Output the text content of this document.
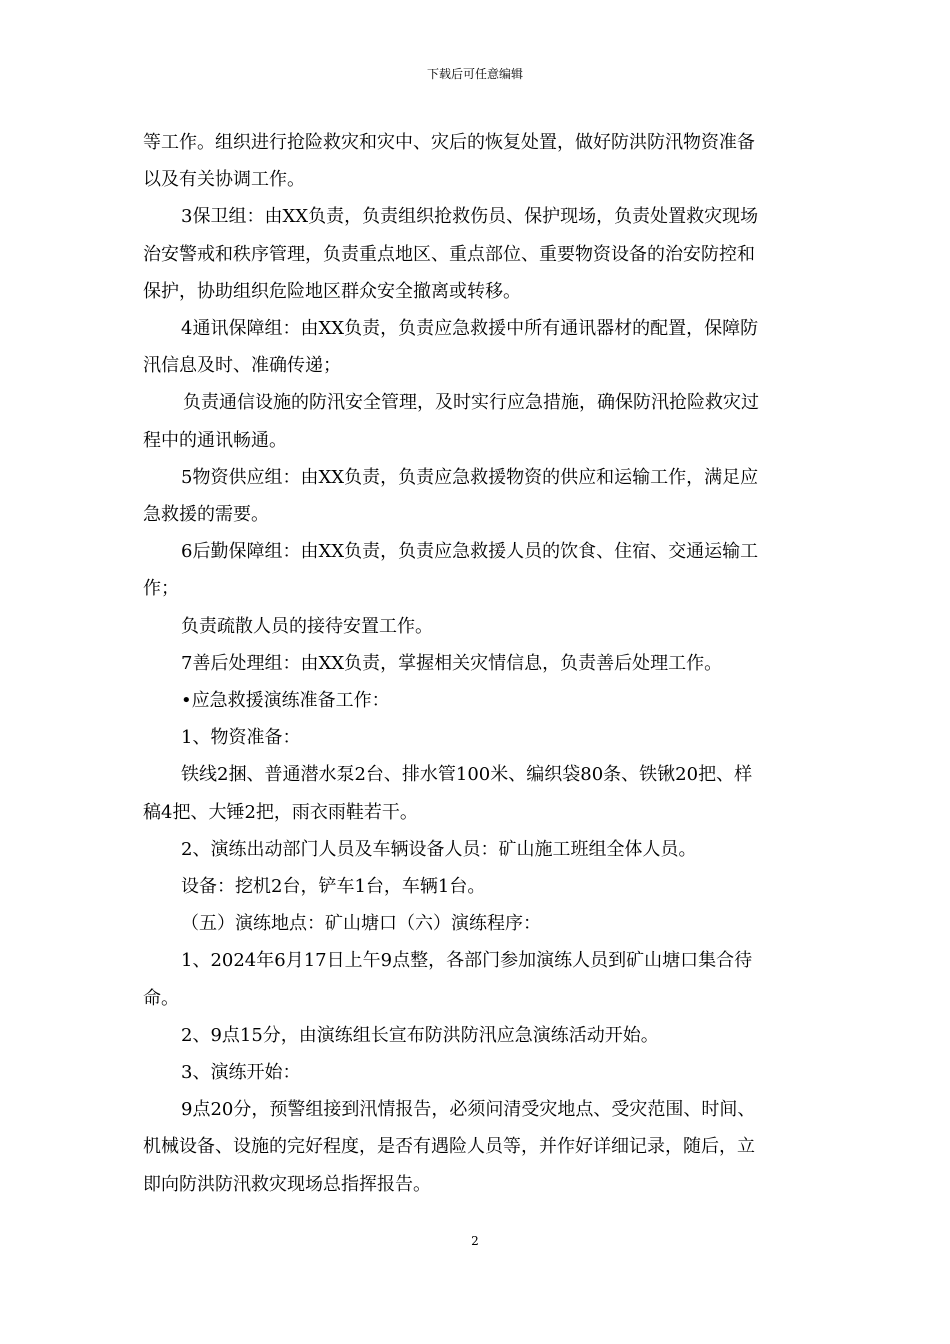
下载后可任意编辑

等工作。组织进行抢险救灾和灾中、灾后的恢复处置，做好防洪防汛物资准备

以及有关协调工作。

3保卫组：由XX负责，负责组织抢救伤员、保护现场，负责处置救灾现场

治安警戒和秩序管理，负责重点地区、重点部位、重要物资设备的治安防控和

保护，协助组织危险地区群众安全撤离或转移。

4通讯保障组：由XX负责，负责应急救援中所有通讯器材的配置，保障防

汛信息及时、准确传递；

负责通信设施的防汛安全管理，及时实行应急措施，确保防汛抢险救灾过

程中的通讯畅通。

5物资供应组：由XX负责，负责应急救援物资的供应和运输工作，满足应

急救援的需要。

6后勤保障组：由XX负责，负责应急救援人员的饮食、住宿、交通运输工

作；

负责疏散人员的接待安置工作。

7善后处理组：由XX负责，掌握相关灾情信息，负责善后处理工作。

•应急救援演练准备工作：

1、物资准备：

铁线2捆、普通潜水泵2台、排水管100米、编织袋80条、铁锹20把、样

稿4把、大锤2把，雨衣雨鞋若干。

2、演练出动部门人员及车辆设备人员：矿山施工班组全体人员。

设备：挖机2台，铲车1台，车辆1台。

（五）演练地点：矿山塘口（六）演练程序：

1、2024年6月17日上午9点整，各部门参加演练人员到矿山塘口集合待

命。

2、9点15分，由演练组长宣布防洪防汛应急演练活动开始。

3、演练开始：

9点20分，预警组接到汛情报告，必须问清受灾地点、受灾范围、时间、

机械设备、设施的完好程度，是否有遇险人员等，并作好详细记录，随后，立

即向防洪防汛救灾现场总指挥报告。

2
